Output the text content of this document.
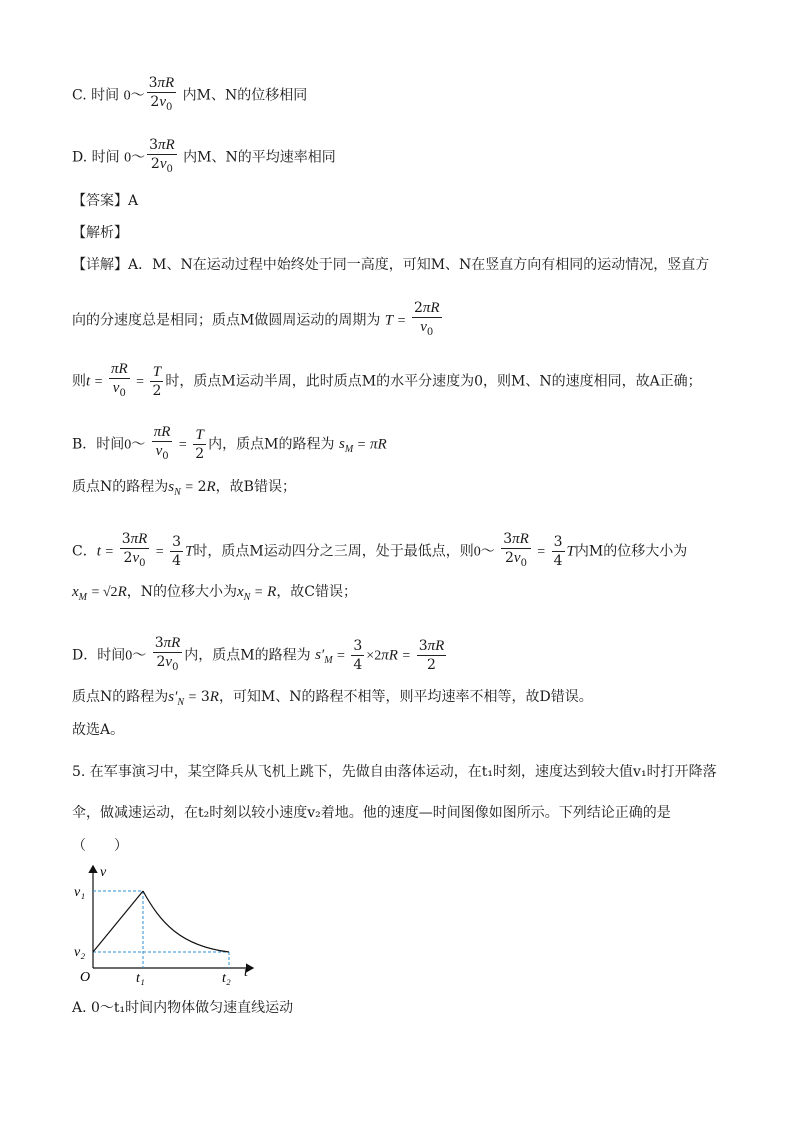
C. 时间 0～ $\frac{3\pi R}{2v_0}$ 内M、N的位移相同
D. 时间 0～ $\frac{3\pi R}{2v_0}$ 内M、N的平均速率相同
【答案】A
【解析】
【详解】A．M、N在运动过程中始终处于同一高度，可知M、N在竖直方向有相同的运动情况，竖直方
向的分速度总是相同；质点M做圆周运动的周期为 $T = \frac{2\pi R}{v_0}$
则$t = \frac{\pi R}{v_0} = \frac{T}{2}$ 时，质点M运动半周，此时质点M的水平分速度为0，则M、N的速度相同，故A正确；
B．时间0～ $\frac{\pi R}{v_0} = \frac{T}{2}$ 内，质点M的路程为 $s_M = \pi R$
质点N的路程为$s_N = 2R$，故B错误；
C．$t = \frac{3\pi R}{2v_0} = \frac{3}{4}$ T时，质点M运动四分之三周，处于最低点，则0～ $\frac{3\pi R}{2v_0} = \frac{3}{4}$ T内M的位移大小为
$x_M = √2R$，N的位移大小为$x_N = R$，故C错误；
D．时间0～ $\frac{3\pi R}{2v_0}$ 内，质点M的路程为 $s'_M = \frac{3}{4} \times 2\pi R = \frac{3\pi R}{2}$
质点N的路程为$s'_N = 3R$，可知M、N的路程不相等，则平均速率不相等，故D错误。
故选A。
5. 在军事演习中，某空降兵从飞机上跳下，先做自由落体运动，在t₁时刻，速度达到较大值v₁时打开降落
伞，做减速运动，在t₂时刻以较小速度v₂着地。他的速度—时间图像如图所示。下列结论正确的是
（　　）
v
t
O
v₁
v₂
t₁	t₂
A. 0～t₁时间内物体做匀速直线运动
